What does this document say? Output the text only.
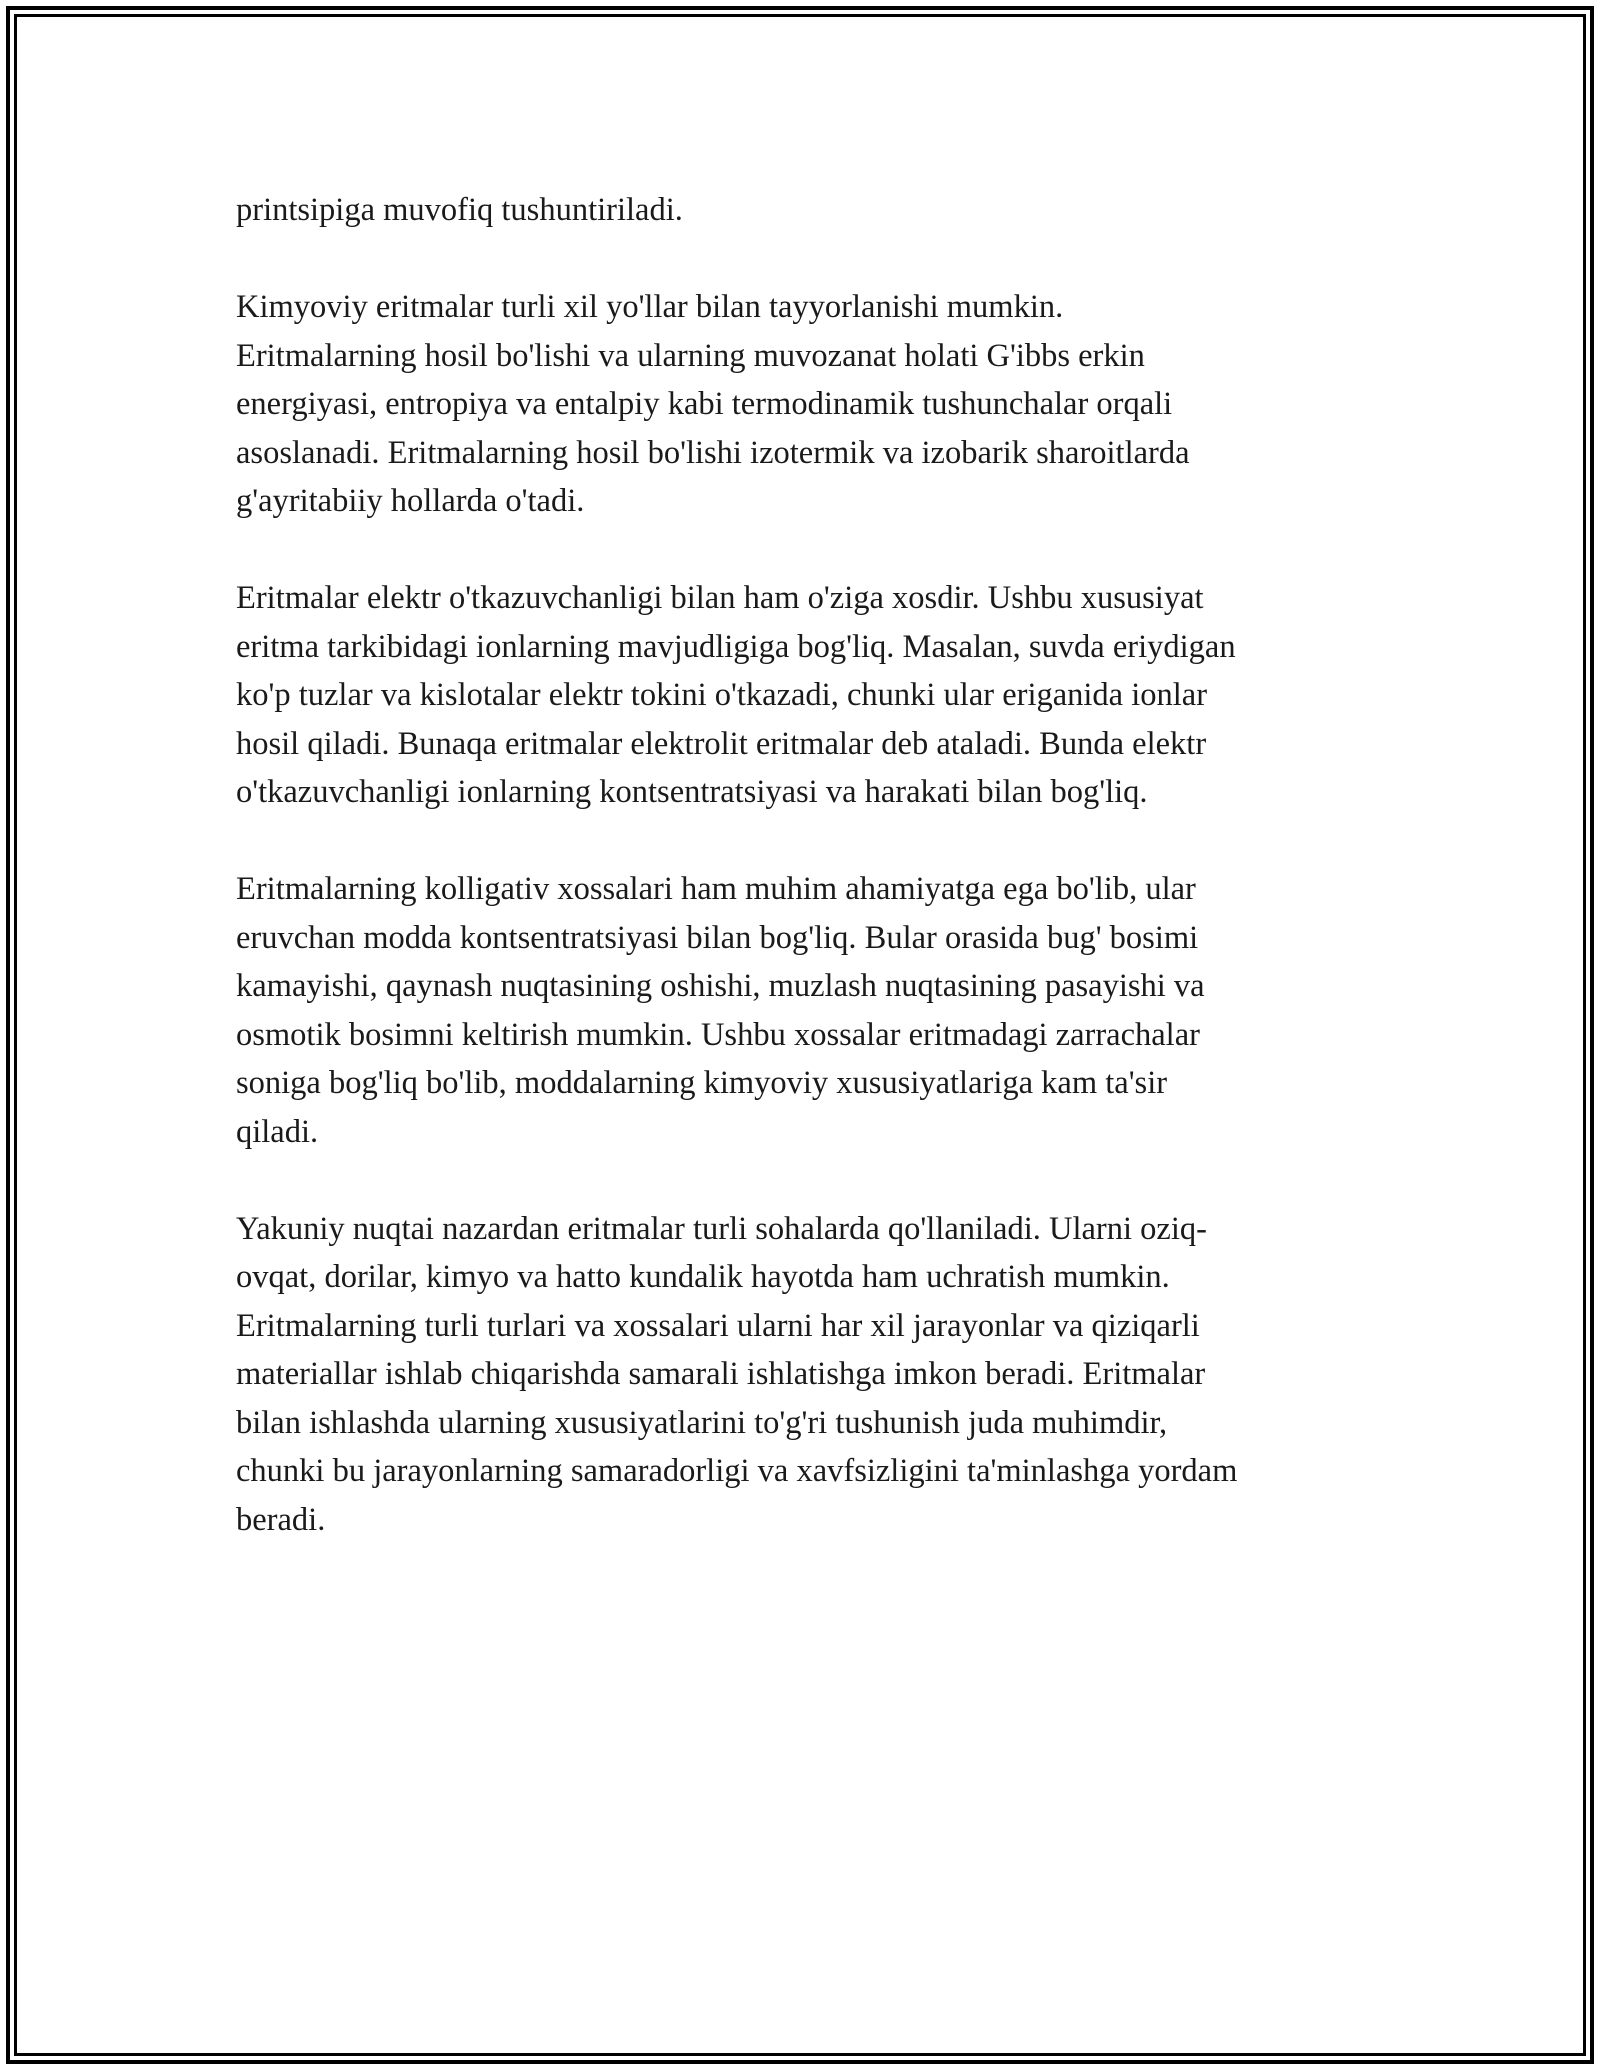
printsipiga muvofiq tushuntiriladi.

Kimyoviy eritmalar turli xil yo'llar bilan tayyorlanishi mumkin.
Eritmalarning hosil bo'lishi va ularning muvozanat holati G'ibbs erkin
energiyasi, entropiya va entalpiy kabi termodinamik tushunchalar orqali
asoslanadi. Eritmalarning hosil bo'lishi izotermik va izobarik sharoitlarda
g'ayritabiiy hollarda o'tadi.

Eritmalar elektr o'tkazuvchanligi bilan ham o'ziga xosdir. Ushbu xususiyat
eritma tarkibidagi ionlarning mavjudligiga bog'liq. Masalan, suvda eriydigan
ko'p tuzlar va kislotalar elektr tokini o'tkazadi, chunki ular eriganida ionlar
hosil qiladi. Bunaqa eritmalar elektrolit eritmalar deb ataladi. Bunda elektr
o'tkazuvchanligi ionlarning kontsentratsiyasi va harakati bilan bog'liq.

Eritmalarning kolligativ xossalari ham muhim ahamiyatga ega bo'lib, ular
eruvchan modda kontsentratsiyasi bilan bog'liq. Bular orasida bug' bosimi
kamayishi, qaynash nuqtasining oshishi, muzlash nuqtasining pasayishi va
osmotik bosimni keltirish mumkin. Ushbu xossalar eritmadagi zarrachalar
soniga bog'liq bo'lib, moddalarning kimyoviy xususiyatlariga kam ta'sir
qiladi.

Yakuniy nuqtai nazardan eritmalar turli sohalarda qo'llaniladi. Ularni oziq-
ovqat, dorilar, kimyo va hatto kundalik hayotda ham uchratish mumkin.
Eritmalarning turli turlari va xossalari ularni har xil jarayonlar va qiziqarli
materiallar ishlab chiqarishda samarali ishlatishga imkon beradi. Eritmalar
bilan ishlashda ularning xususiyatlarini to'g'ri tushunish juda muhimdir,
chunki bu jarayonlarning samaradorligi va xavfsizligini ta'minlashga yordam
beradi.
